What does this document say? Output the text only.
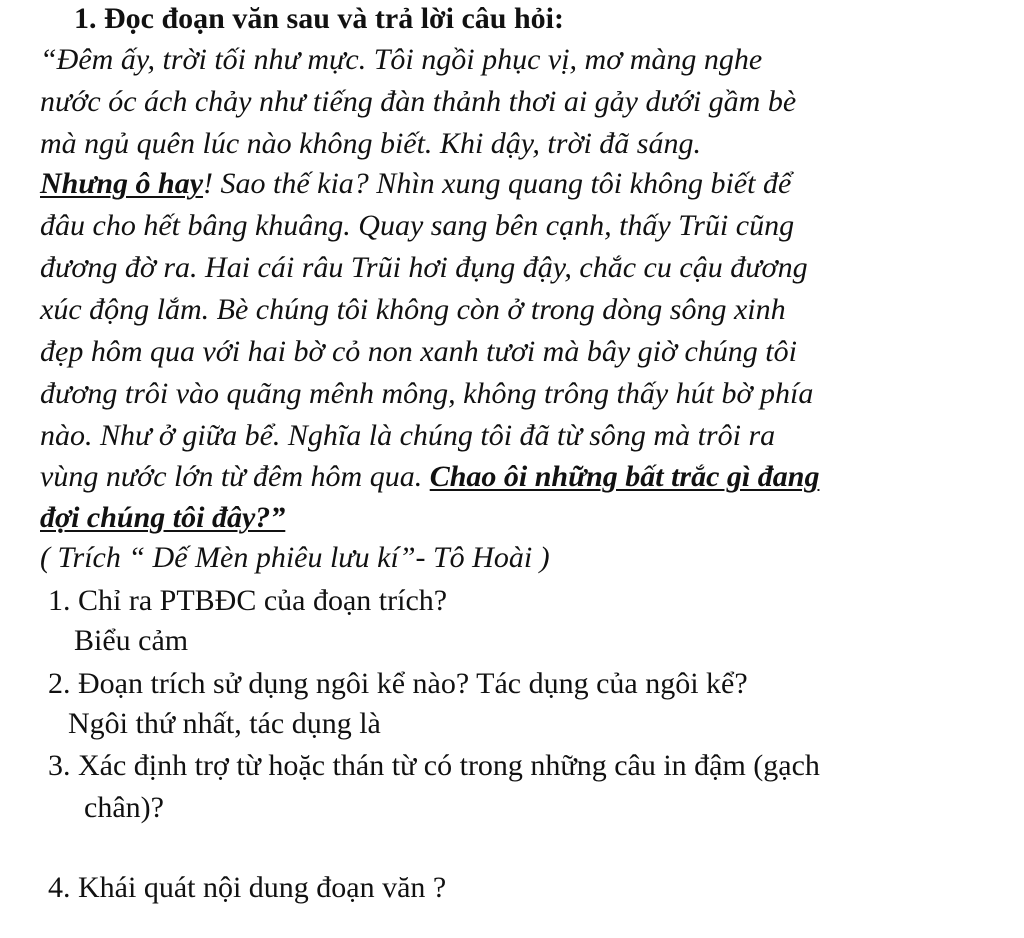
1. Đọc đoạn văn sau và trả lời câu hỏi:
“Đêm ấy, trời tối như mực. Tôi ngồi phục vị, mơ màng nghe
nước óc ách chảy như tiếng đàn thảnh thơi ai gảy dưới gầm bè
mà ngủ quên lúc nào không biết. Khi dậy, trời đã sáng.
Nhưng ô hay! Sao thế kia? Nhìn xung quang tôi không biết để
đâu cho hết bâng khuâng. Quay sang bên cạnh, thấy Trũi cũng
đương đờ ra. Hai cái râu Trũi hơi đụng đậy, chắc cu cậu đương
xúc động lắm. Bè chúng tôi không còn ở trong dòng sông xinh
đẹp hôm qua với hai bờ cỏ non xanh tươi mà bây giờ chúng tôi
đương trôi vào quãng mênh mông, không trông thấy hút bờ phía
nào. Như ở giữa bể. Nghĩa là chúng tôi đã từ sông mà trôi ra
vùng nước lớn từ đêm hôm qua. Chao ôi những bất trắc gì đang
đợi chúng tôi đây?”
( Trích “ Dế Mèn phiêu lưu kí”- Tô Hoài )
1. Chỉ ra PTBĐC của đoạn trích?
Biểu cảm
2. Đoạn trích sử dụng ngôi kể nào? Tác dụng của ngôi kể?
Ngôi thứ nhất, tác dụng là
3. Xác định trợ từ hoặc thán từ có trong những câu in đậm (gạch
chân)?
4. Khái quát nội dung đoạn văn ?
